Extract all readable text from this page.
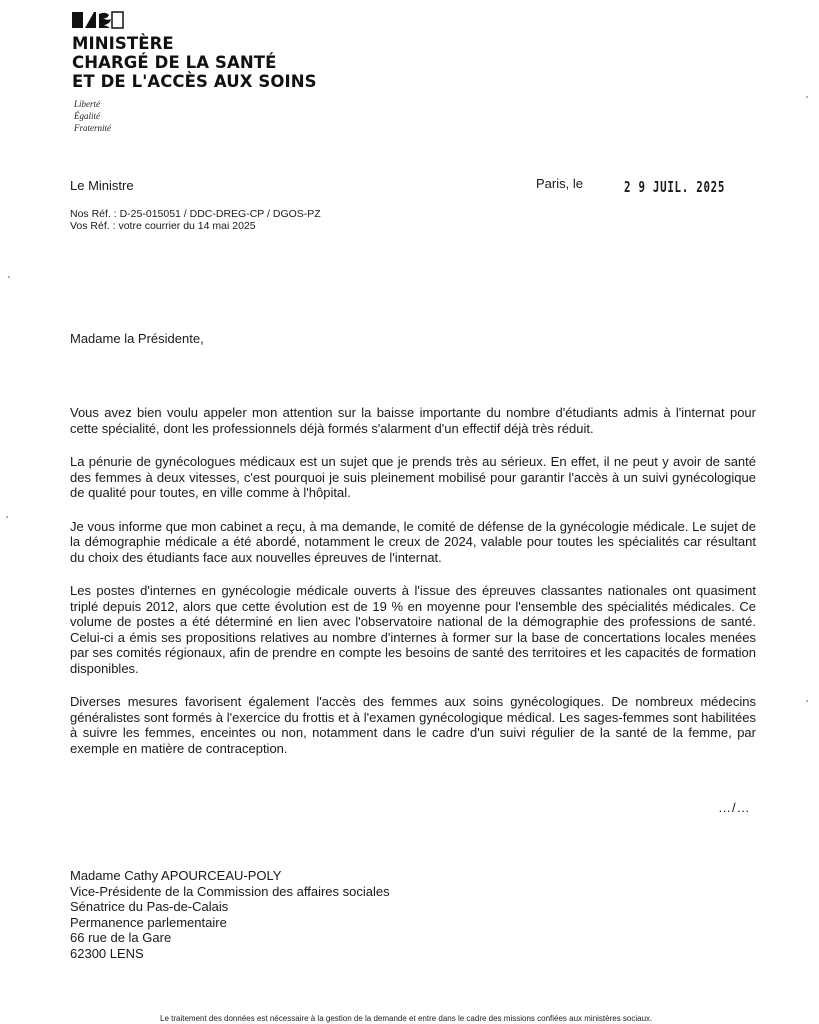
MINISTÈRE
CHARGÉ DE LA SANTÉ
ET DE L'ACCÈS AUX SOINS
Liberté
Égalité
Fraternité
Le Ministre	Paris, le	2 9 JUIL. 2025
Nos Réf. : D-25-015051 / DDC-DREG-CP / DGOS-PZ
Vos Réf. : votre courrier du 14 mai 2025
Madame la Présidente,

Vous avez bien voulu appeler mon attention sur la baisse importante du nombre d'étudiants admis à l'internat pour cette spécialité, dont les professionnels déjà formés s'alarment d'un effectif déjà très réduit.

La pénurie de gynécologues médicaux est un sujet que je prends très au sérieux. En effet, il ne peut y avoir de santé des femmes à deux vitesses, c'est pourquoi je suis pleinement mobilisé pour garantir l'accès à un suivi gynécologique de qualité pour toutes, en ville comme à l'hôpital.

Je vous informe que mon cabinet a reçu, à ma demande, le comité de défense de la gynécologie médicale. Le sujet de la démographie médicale a été abordé, notamment le creux de 2024, valable pour toutes les spécialités car résultant du choix des étudiants face aux nouvelles épreuves de l'internat.

Les postes d'internes en gynécologie médicale ouverts à l'issue des épreuves classantes nationales ont quasiment triplé depuis 2012, alors que cette évolution est de 19 % en moyenne pour l'ensemble des spécialités médicales. Ce volume de postes a été déterminé en lien avec l'observatoire national de la démographie des professions de santé. Celui-ci a émis ses propositions relatives au nombre d'internes à former sur la base de concertations locales menées par ses comités régionaux, afin de prendre en compte les besoins de santé des territoires et les capacités de formation disponibles.

Diverses mesures favorisent également l'accès des femmes aux soins gynécologiques. De nombreux médecins généralistes sont formés à l'exercice du frottis et à l'examen gynécologique médical. Les sages-femmes sont habilitées à suivre les femmes, enceintes ou non, notamment dans le cadre d'un suivi régulier de la santé de la femme, par exemple en matière de contraception.

…/…
Madame Cathy APOURCEAU-POLY
Vice-Présidente de la Commission des affaires sociales
Sénatrice du Pas-de-Calais
Permanence parlementaire
66 rue de la Gare
62300 LENS
Le traitement des données est nécessaire à la gestion de la demande et entre dans le cadre des missions confiées aux ministères sociaux.
